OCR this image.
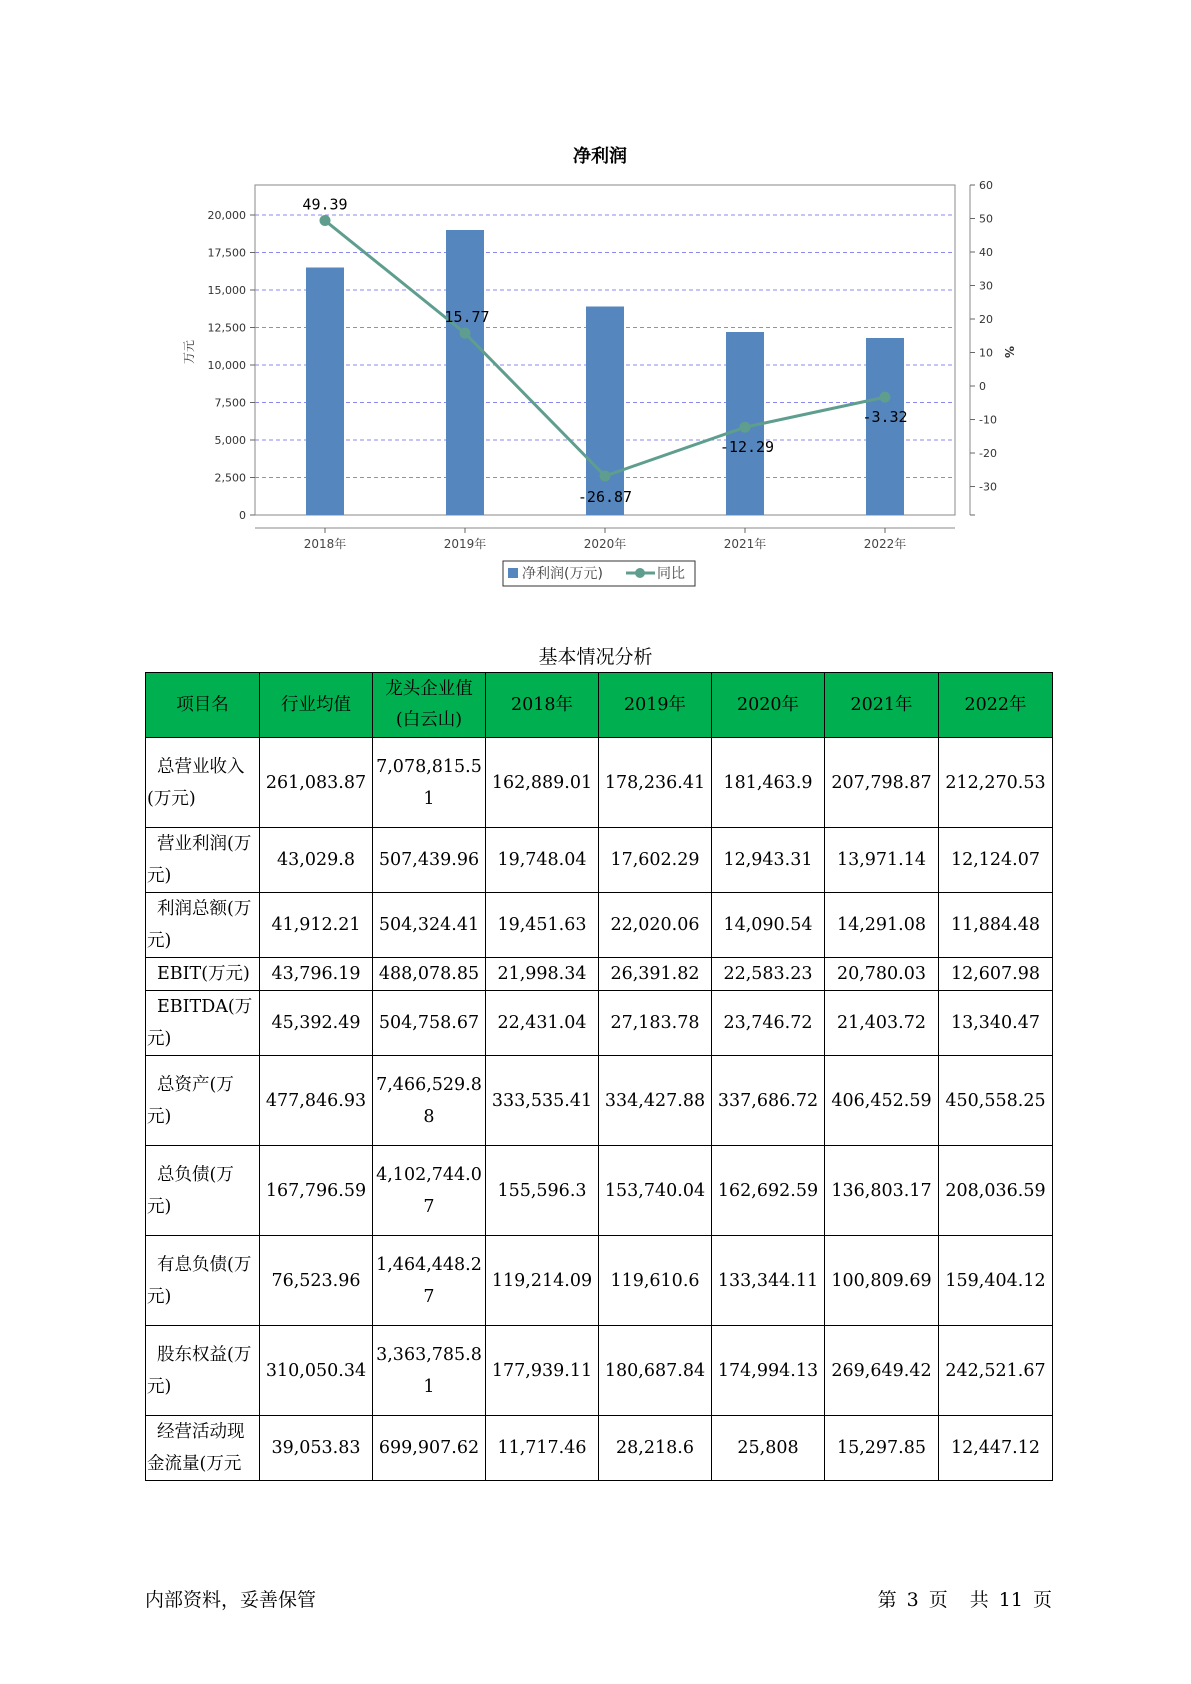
净利润
0
2,500
5,000
7,500
10,000
12,500
15,000
17,500
20,000
-30
-20
-10
0
10
20
30
40
50
60
万元	%
2018年	2019年	2020年	2021年	2022年
49.39
15.77
-26.87
-12.29
-3.32
净利润(万元)	同比
基本情况分析
项目名	行业均值	龙头企业值(白云山)	2018年	2019年	2020年	2021年	2022年
总营业收入(万元)	261,083.87	7,078,815.51	162,889.01	178,236.41	181,463.9	207,798.87	212,270.53
营业利润(万元)	43,029.8	507,439.96	19,748.04	17,602.29	12,943.31	13,971.14	12,124.07
利润总额(万元)	41,912.21	504,324.41	19,451.63	22,020.06	14,090.54	14,291.08	11,884.48
EBIT(万元)	43,796.19	488,078.85	21,998.34	26,391.82	22,583.23	20,780.03	12,607.98
EBITDA(万元)	45,392.49	504,758.67	22,431.04	27,183.78	23,746.72	21,403.72	13,340.47
总资产(万元)	477,846.93	7,466,529.88	333,535.41	334,427.88	337,686.72	406,452.59	450,558.25
总负债(万元)	167,796.59	4,102,744.07	155,596.3	153,740.04	162,692.59	136,803.17	208,036.59
有息负债(万元)	76,523.96	1,464,448.27	119,214.09	119,610.6	133,344.11	100,809.69	159,404.12
股东权益(万元)	310,050.34	3,363,785.81	177,939.11	180,687.84	174,994.13	269,649.42	242,521.67
经营活动现金流量(万元	39,053.83	699,907.62	11,717.46	28,218.6	25,808	15,297.85	12,447.12
内部资料，妥善保管	第 3 页 共 11 页
